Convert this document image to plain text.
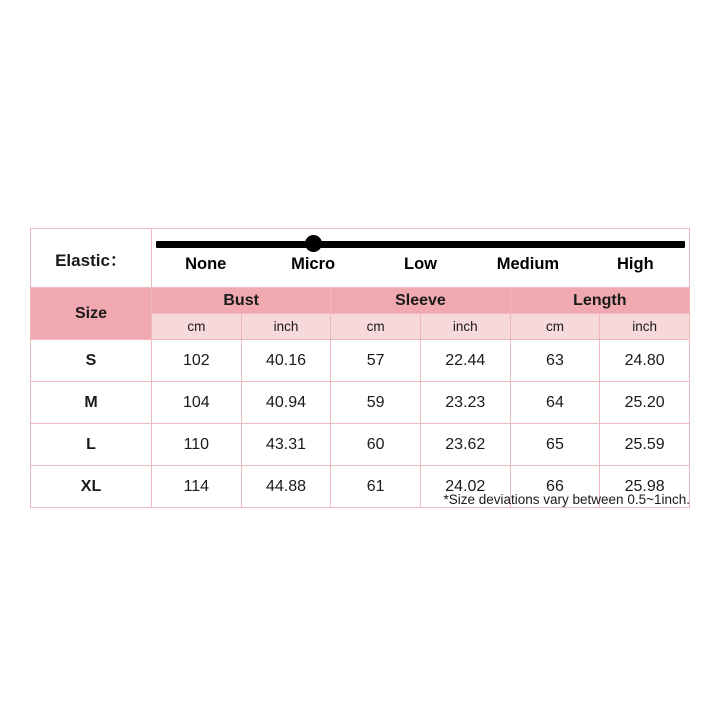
Elastic：	None Micro Low Medium High					

Size	Bust		Sleeve		Length	
	cm	inch	cm	inch	cm	inch
S	102	40.16	57	22.44	63	24.80
M	104	40.94	59	23.23	64	25.20
L	110	43.31	60	23.62	65	25.59
XL	114	44.88	61	24.02	66	25.98
*Size deviations vary between 0.5~1inch.
